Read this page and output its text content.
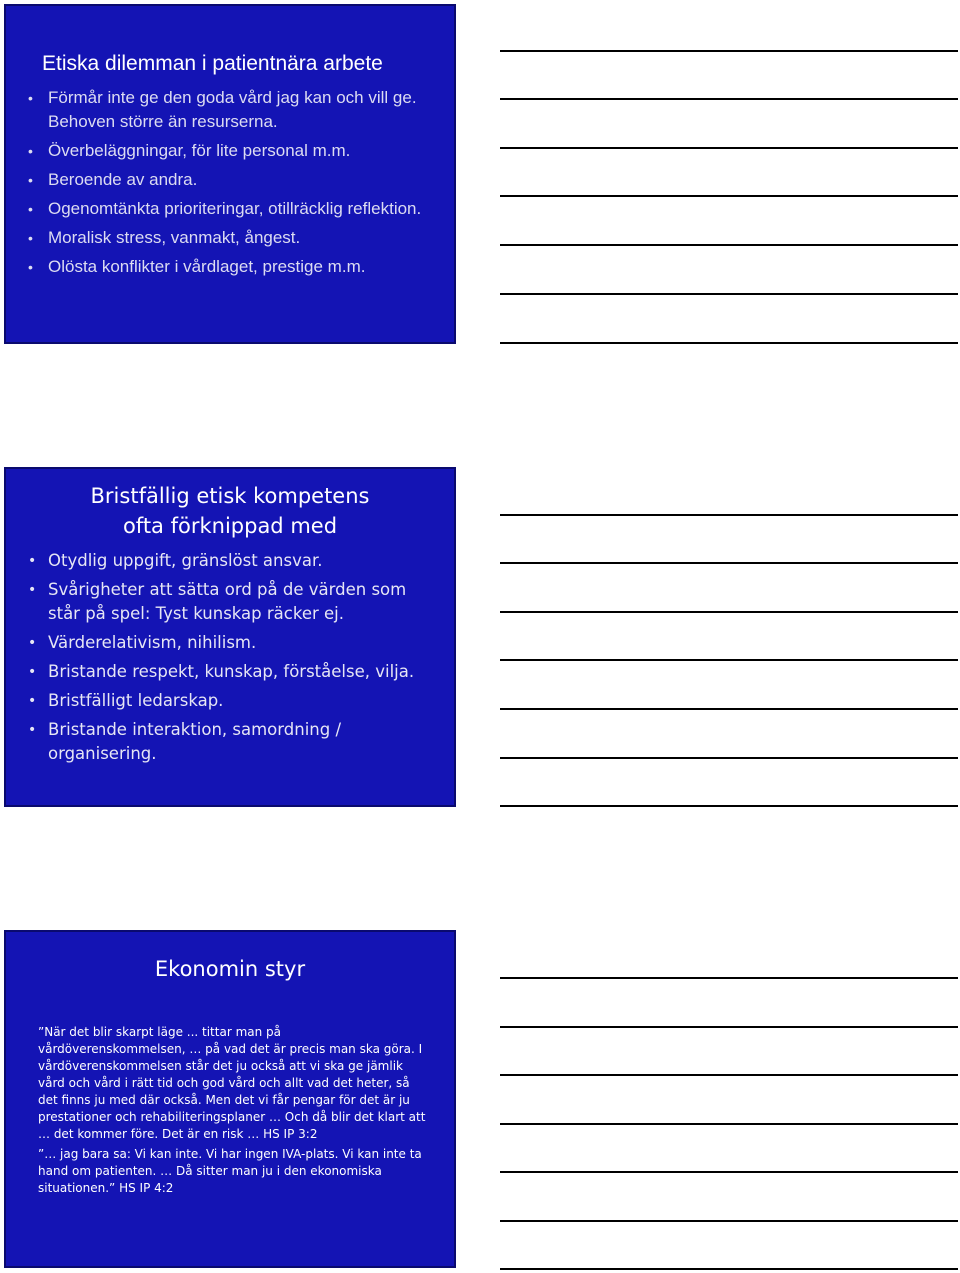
Etiska dilemman i patientnära arbete
• Förmår inte ge den goda vård jag kan och vill ge. Behoven större än resurserna.
• Överbeläggningar, för lite personal m.m.
• Beroende av andra.
• Ogenomtänkta prioriteringar, otillräcklig reflektion.
• Moralisk stress, vanmakt, ångest.
• Olösta konflikter i vårdlaget, prestige m.m.
Bristfällig etisk kompetens
ofta förknippad med
• Otydlig uppgift, gränslöst ansvar.
• Svårigheter att sätta ord på de värden som står på spel: Tyst kunskap räcker ej.
• Värderelativism, nihilism.
• Bristande respekt, kunskap, förståelse, vilja.
• Bristfälligt ledarskap.
• Bristande interaktion, samordning / organisering.
Ekonomin styr
”När det blir skarpt läge ... tittar man på vårdöverenskommelsen, … på vad det är precis man ska göra. I vårdöverenskommelsen står det ju också att vi ska ge jämlik vård och vård i rätt tid och god vård och allt vad det heter, så det finns ju med där också. Men det vi får pengar för det är ju prestationer och rehabiliteringsplaner … Och då blir det klart att … det kommer före. Det är en risk … HS IP 3:2
”… jag bara sa: Vi kan inte. Vi har ingen IVA-plats. Vi kan inte ta hand om patienten. … Då sitter man ju i den ekonomiska situationen.” HS IP 4:2
